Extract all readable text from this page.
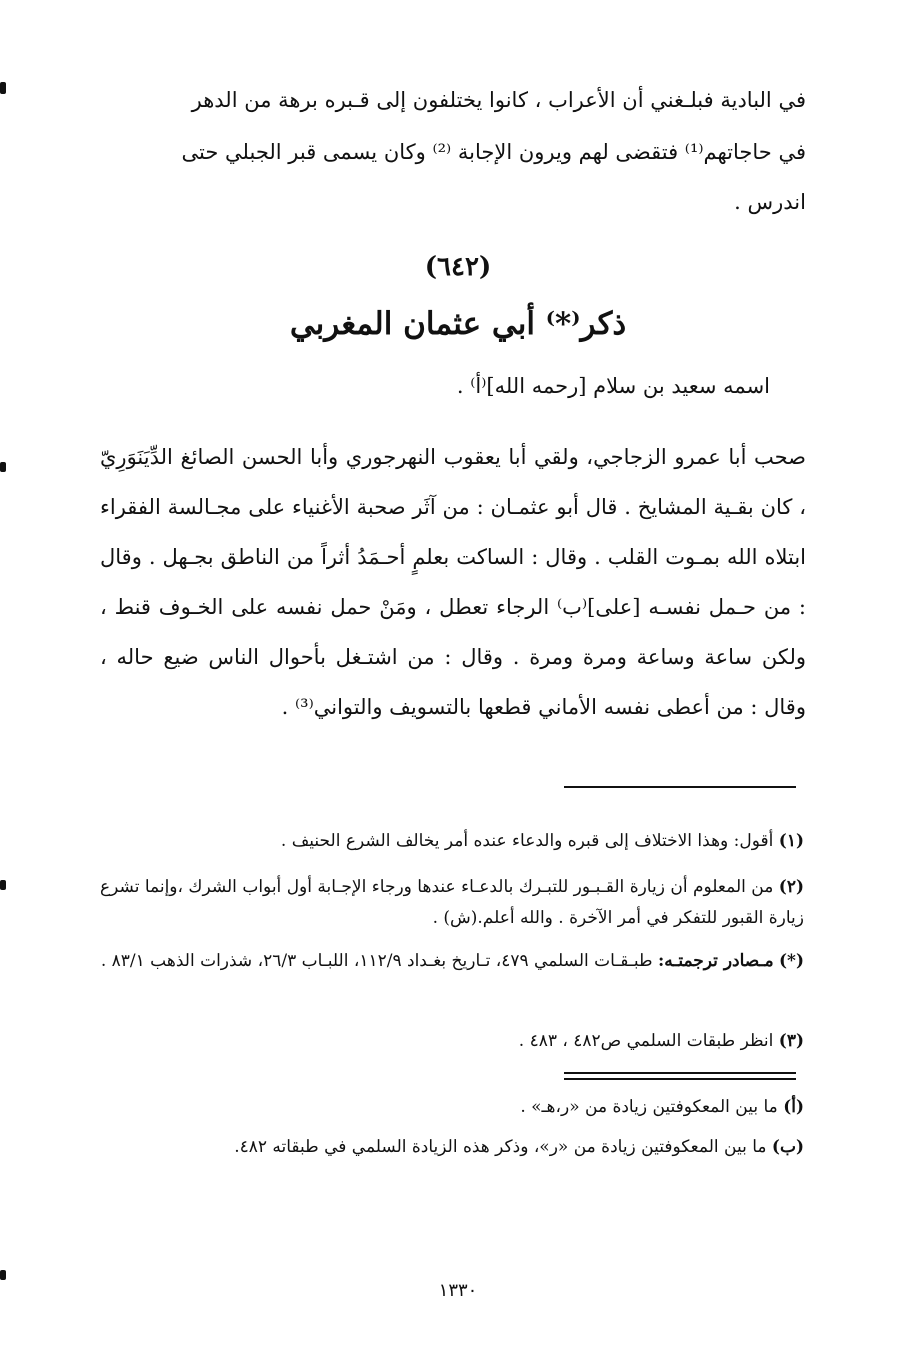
في البادية فبلـغني أن الأعراب ، كانوا يختلفون إلى قـبره برهة من الدهر
في حاجاتهم⁽¹⁾ فتقضى لهم ويرون الإجابة ⁽²⁾ وكان يسمى قبر الجبلي حتى
اندرس .
(٦٤٢)
ذكر⁽*⁾ أبي عثمان المغربي
اسمه سعيد بن سلام [رحمه الله]⁽أ⁾ .
صحب أبا عمرو الزجاجي، ولقي أبا يعقوب النهرجوري وأبا الحسن الصائغ الدِّيَنَوَرِيّ ، كان بقـية المشايخ . قال أبو عثمـان : من آثَر صحبة الأغنياء على مجـالسة الفقراء ابتلاه الله بمـوت القلب . وقال : الساكت بعلمٍ أحـمَدُ أثراً من الناطق بجـهل . وقال : من حـمل نفسـه [على]⁽ب⁾ الرجاء تعطل ، ومَنْ حمل نفسه على الخـوف قنط ، ولكن ساعة وساعة ومرة ومرة . وقال : من اشتـغل بأحوال الناس ضيع حاله ، وقال : من أعطى نفسه الأماني قطعها بالتسويف والتواني⁽³⁾ .
(١) أقول: وهذا الاختلاف إلى قبره والدعاء عنده أمر يخالف الشرع الحنيف .
(٢) من المعلوم أن زيارة القـبـور للتبـرك بالدعـاء عندها ورجاء الإجـابة أول أبواب الشرك ،وإنما تشرع زيارة القبور للتفكر في أمر الآخرة . والله أعلم.(ش) .
(*) مـصادر ترجمتـه: طبـقـات السلمي ٤٧٩، تـاريخ بغـداد ١١٢/٩، اللبـاب ٢٦/٣، شذرات الذهب ٨٣/١ .
(٣) انظر طبقات السلمي ص٤٨٢ ، ٤٨٣ .
(أ) ما بين المعكوفتين زيادة من «ر،هـ» .
(ب) ما بين المعكوفتين زيادة من «ر»، وذكر هذه الزيادة السلمي في طبقاته ٤٨٢.
١٣٣٠
